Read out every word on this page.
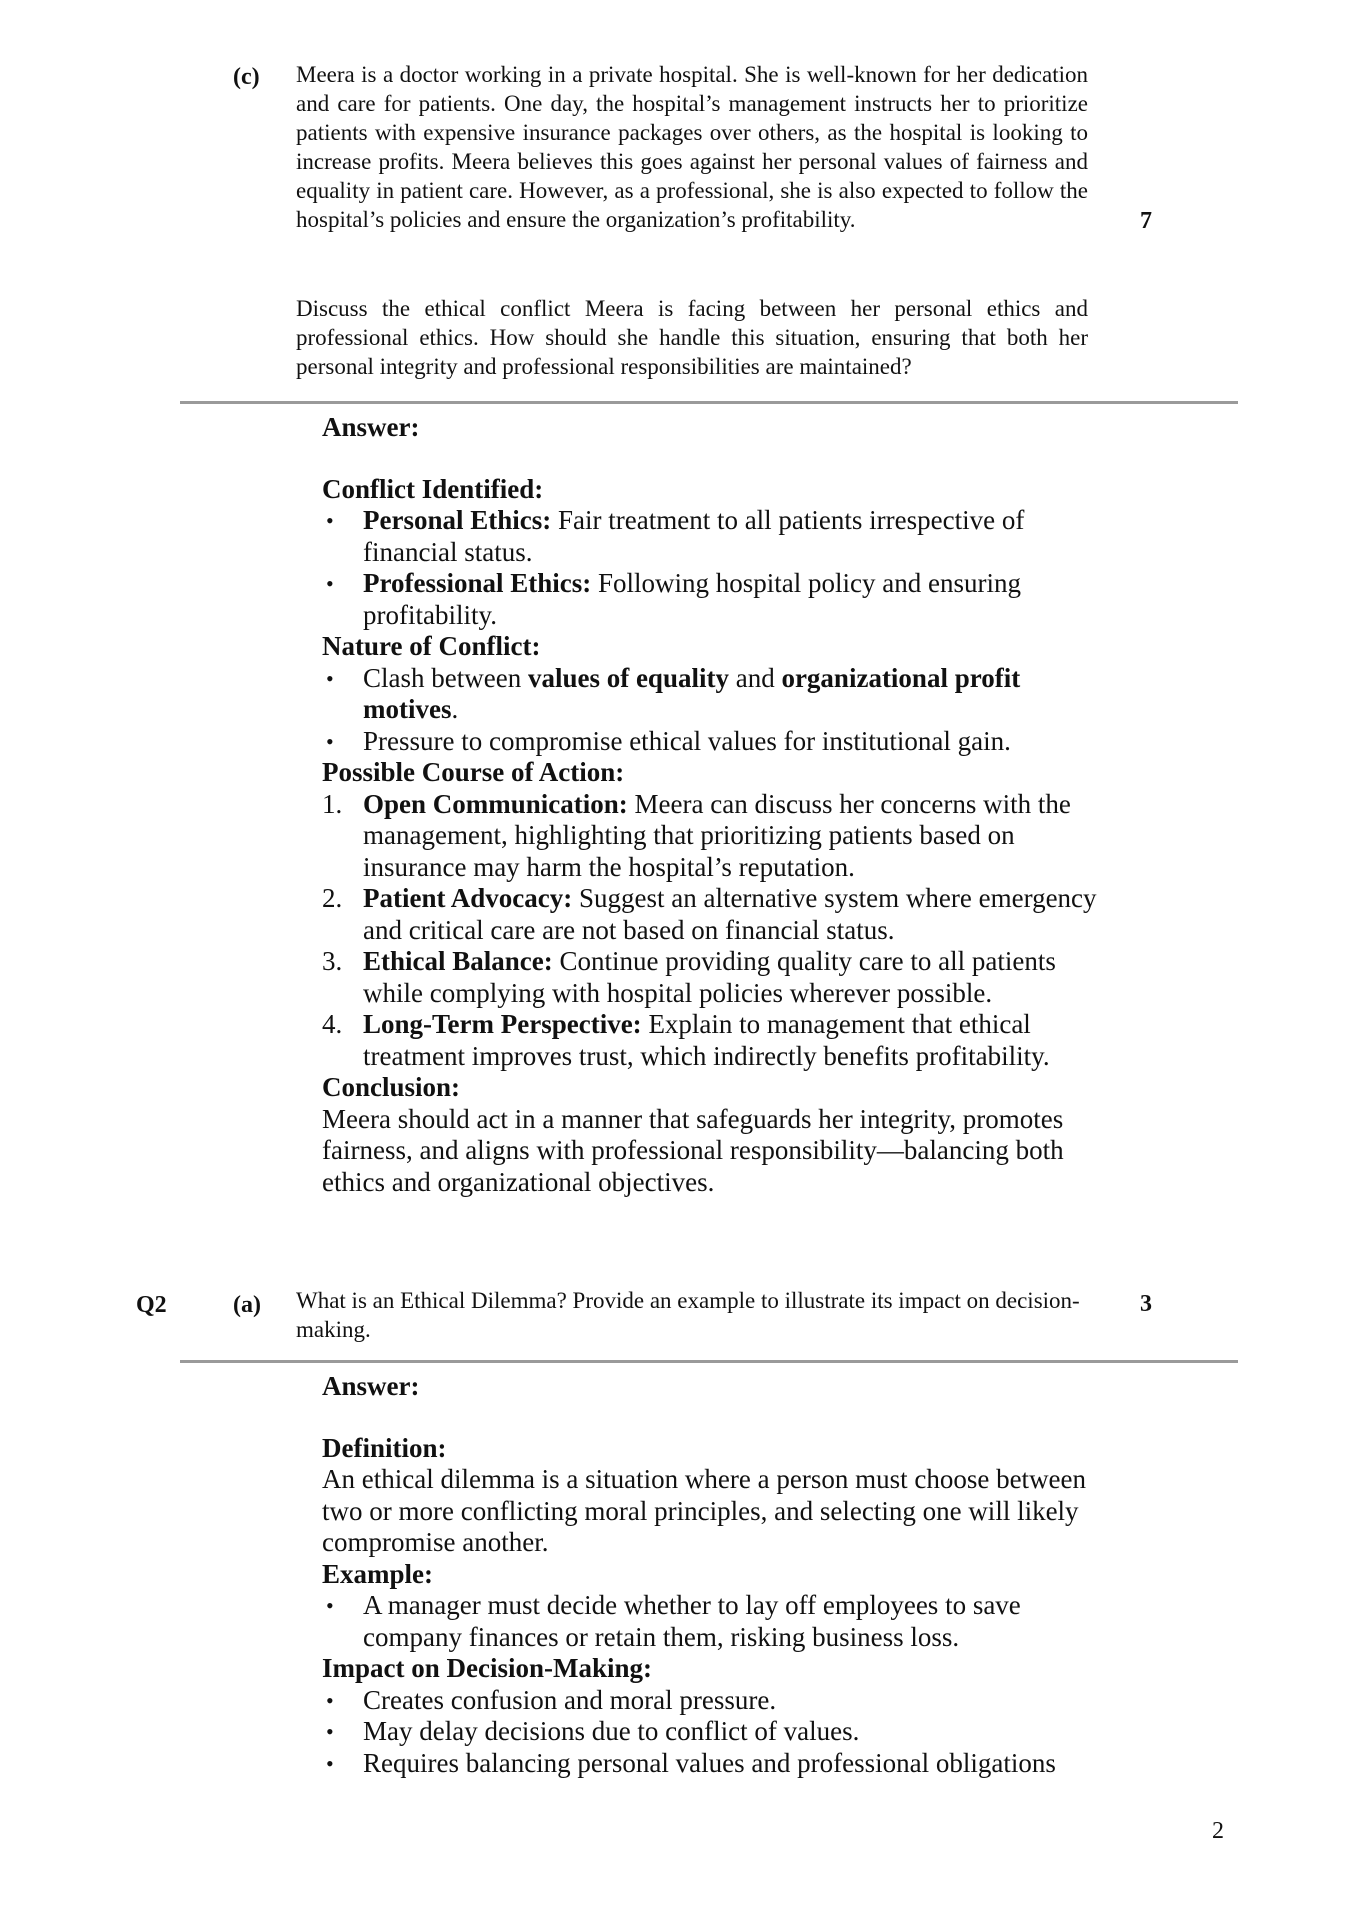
(c) Meera is a doctor working in a private hospital. She is well-known for her dedication and care for patients. One day, the hospital’s management instructs her to prioritize patients with expensive insurance packages over others, as the hospital is looking to increase profits. Meera believes this goes against her personal values of fairness and equality in patient care. However, as a professional, she is also expected to follow the hospital’s policies and ensure the organization’s profitability.	7
Discuss the ethical conflict Meera is facing between her personal ethics and professional ethics. How should she handle this situation, ensuring that both her personal integrity and professional responsibilities are maintained?

Answer:

Conflict Identified:

• Personal Ethics: Fair treatment to all patients irrespective of financial status.
• Professional Ethics: Following hospital policy and ensuring profitability.

Nature of Conflict:

• Clash between values of equality and organizational profit motives.
• Pressure to compromise ethical values for institutional gain.

Possible Course of Action:

1. Open Communication: Meera can discuss her concerns with the management, highlighting that prioritizing patients based on insurance may harm the hospital’s reputation.
2. Patient Advocacy: Suggest an alternative system where emergency and critical care are not based on financial status.
3. Ethical Balance: Continue providing quality care to all patients while complying with hospital policies wherever possible.
4. Long-Term Perspective: Explain to management that ethical treatment improves trust, which indirectly benefits profitability.

Conclusion:

Meera should act in a manner that safeguards her integrity, promotes fairness, and aligns with professional responsibility—balancing both ethics and organizational objectives.

Q2	(a) What is an Ethical Dilemma? Provide an example to illustrate its impact on decision-making.
3

Answer:

Definition:

An ethical dilemma is a situation where a person must choose between two or more conflicting moral principles, and selecting one will likely compromise another.

Example:

• A manager must decide whether to lay off employees to save company finances or retain them, risking business loss.

Impact on Decision-Making:

• Creates confusion and moral pressure.
• May delay decisions due to conflict of values.
• Requires balancing personal values and professional obligations
2
